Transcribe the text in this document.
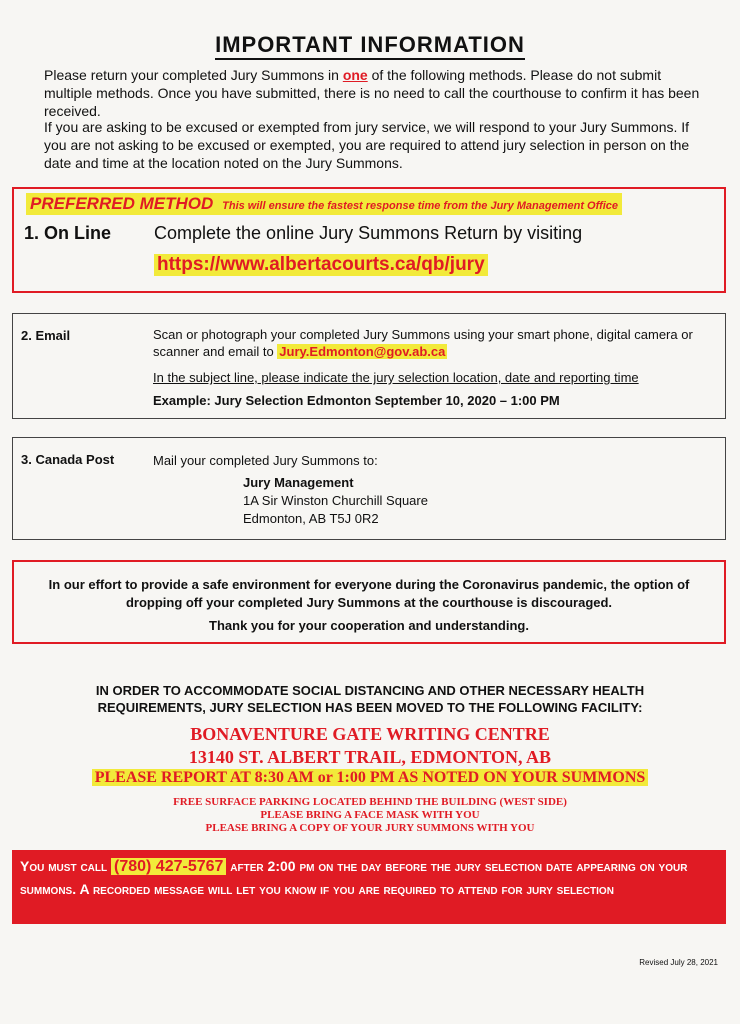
IMPORTANT INFORMATION
Please return your completed Jury Summons in one of the following methods. Please do not submit multiple methods. Once you have submitted, there is no need to call the courthouse to confirm it has been received.
If you are asking to be excused or exempted from jury service, we will respond to your Jury Summons. If you are not asking to be excused or exempted, you are required to attend jury selection in person on the date and time at the location noted on the Jury Summons.
PREFERRED METHOD This will ensure the fastest response time from the Jury Management Office
1. On Line Complete the online Jury Summons Return by visiting
https://www.albertacourts.ca/qb/jury
2. Email	Scan or photograph your completed Jury Summons using your smart phone, digital camera or scanner and email to Jury.Edmonton@gov.ab.ca
In the subject line, please indicate the jury selection location, date and reporting time
Example: Jury Selection Edmonton September 10, 2020 – 1:00 PM
3. Canada Post	Mail your completed Jury Summons to:
Jury Management
1A Sir Winston Churchill Square
Edmonton, AB T5J 0R2
In our effort to provide a safe environment for everyone during the Coronavirus pandemic, the option of dropping off your completed Jury Summons at the courthouse is discouraged.
Thank you for your cooperation and understanding.
IN ORDER TO ACCOMMODATE SOCIAL DISTANCING AND OTHER NECESSARY HEALTH
REQUIREMENTS, JURY SELECTION HAS BEEN MOVED TO THE FOLLOWING FACILITY:
BONAVENTURE GATE WRITING CENTRE
13140 ST. ALBERT TRAIL, EDMONTON, AB
PLEASE REPORT AT 8:30 AM or 1:00 PM AS NOTED ON YOUR SUMMONS
FREE SURFACE PARKING LOCATED BEHIND THE BUILDING (WEST SIDE)
PLEASE BRING A FACE MASK WITH YOU
PLEASE BRING A COPY OF YOUR JURY SUMMONS WITH YOU
You must call (780) 427-5767 after 2:00 pm on the day before the jury selection date appearing on your summons. A recorded message will let you know if you are required to attend for jury selection
Revised July 28, 2021
